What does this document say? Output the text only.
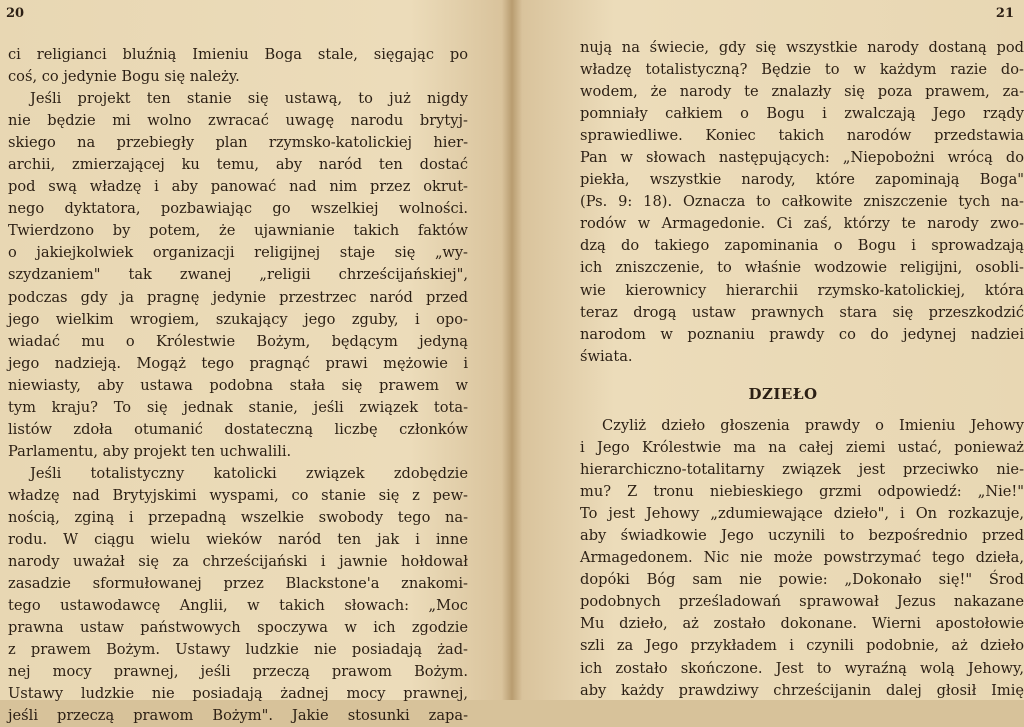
20
ci religianci bluźnią Imieniu Boga stale, sięgając po
coś, co jedynie Bogu się należy.
Jeśli projekt ten stanie się ustawą, to już nigdy
nie będzie mi wolno zwracać uwagę narodu brytyj-
skiego na przebiegły plan rzymsko-katolickiej hier-
archii, zmierzającej ku temu, aby naród ten dostać
pod swą władzę i aby panować nad nim przez okrut-
nego dyktatora, pozbawiając go wszelkiej wolności.
Twierdzono by potem, że ujawnianie takich faktów
o jakiejkolwiek organizacji religijnej staje się „wy-
szydzaniem" tak zwanej „religii chrześcijańskiej",
podczas gdy ja pragnę jedynie przestrzec naród przed
jego wielkim wrogiem, szukający jego zguby, i opo-
wiadać mu o Królestwie Bożym, będącym jedyną
jego nadzieją. Mogąż tego pragnąć prawi mężowie i
niewiasty, aby ustawa podobna stała się prawem w
tym kraju? To się jednak stanie, jeśli związek tota-
listów zdoła otumanić dostateczną liczbę członków
Parlamentu, aby projekt ten uchwalili.
Jeśli totalistyczny katolicki związek zdobędzie
władzę nad Brytyjskimi wyspami, co stanie się z pew-
nością, zginą i przepadną wszelkie swobody tego na-
rodu. W ciągu wielu wieków naród ten jak i inne
narody uważał się za chrześcijański i jawnie hołdował
zasadzie sformułowanej przez Blackstone'a znakomi-
tego ustawodawcę Anglii, w takich słowach: „Moc
prawna ustaw państwowych spoczywa w ich zgodzie
z prawem Bożym. Ustawy ludzkie nie posiadają żad-
nej mocy prawnej, jeśli przeczą prawom Bożym.
Ustawy ludzkie nie posiadają żadnej mocy prawnej,
jeśli przeczą prawom Bożym". Jakie stosunki zapa-
21
nują na świecie, gdy się wszystkie narody dostaną pod
władzę totalistyczną? Będzie to w każdym razie do-
wodem, że narody te znalazły się poza prawem, za-
pomniały całkiem o Bogu i zwalczają Jego rządy
sprawiedliwe. Koniec takich narodów przedstawia
Pan w słowach następujących: „Niepobożni wrócą do
piekła, wszystkie narody, które zapominają Boga"
(Ps. 9: 18). Oznacza to całkowite zniszczenie tych na-
rodów w Armagedonie. Ci zaś, którzy te narody zwo-
dzą do takiego zapominania o Bogu i sprowadzają
ich zniszczenie, to właśnie wodzowie religijni, osobli-
wie kierownicy hierarchii rzymsko-katolickiej, która
teraz drogą ustaw prawnych stara się przeszkodzić
narodom w poznaniu prawdy co do jedynej nadziei
świata.
DZIEŁO
Czyliż dzieło głoszenia prawdy o Imieniu Jehowy
i Jego Królestwie ma na całej ziemi ustać, ponieważ
hierarchiczno-totalitarny związek jest przeciwko nie-
mu? Z tronu niebieskiego grzmi odpowiedź: „Nie!"
To jest Jehowy „zdumiewające dzieło", i On rozkazuje,
aby świadkowie Jego uczynili to bezpośrednio przed
Armagedonem. Nic nie może powstrzymać tego dzieła,
dopóki Bóg sam nie powie: „Dokonało się!" Środ
podobnych prześladowań sprawował Jezus nakazane
Mu dzieło, aż zostało dokonane. Wierni apostołowie
szli za Jego przykładem i czynili podobnie, aż dzieło
ich zostało skończone. Jest to wyraźną wolą Jehowy,
aby każdy prawdziwy chrześcijanin dalej głosił Imię
